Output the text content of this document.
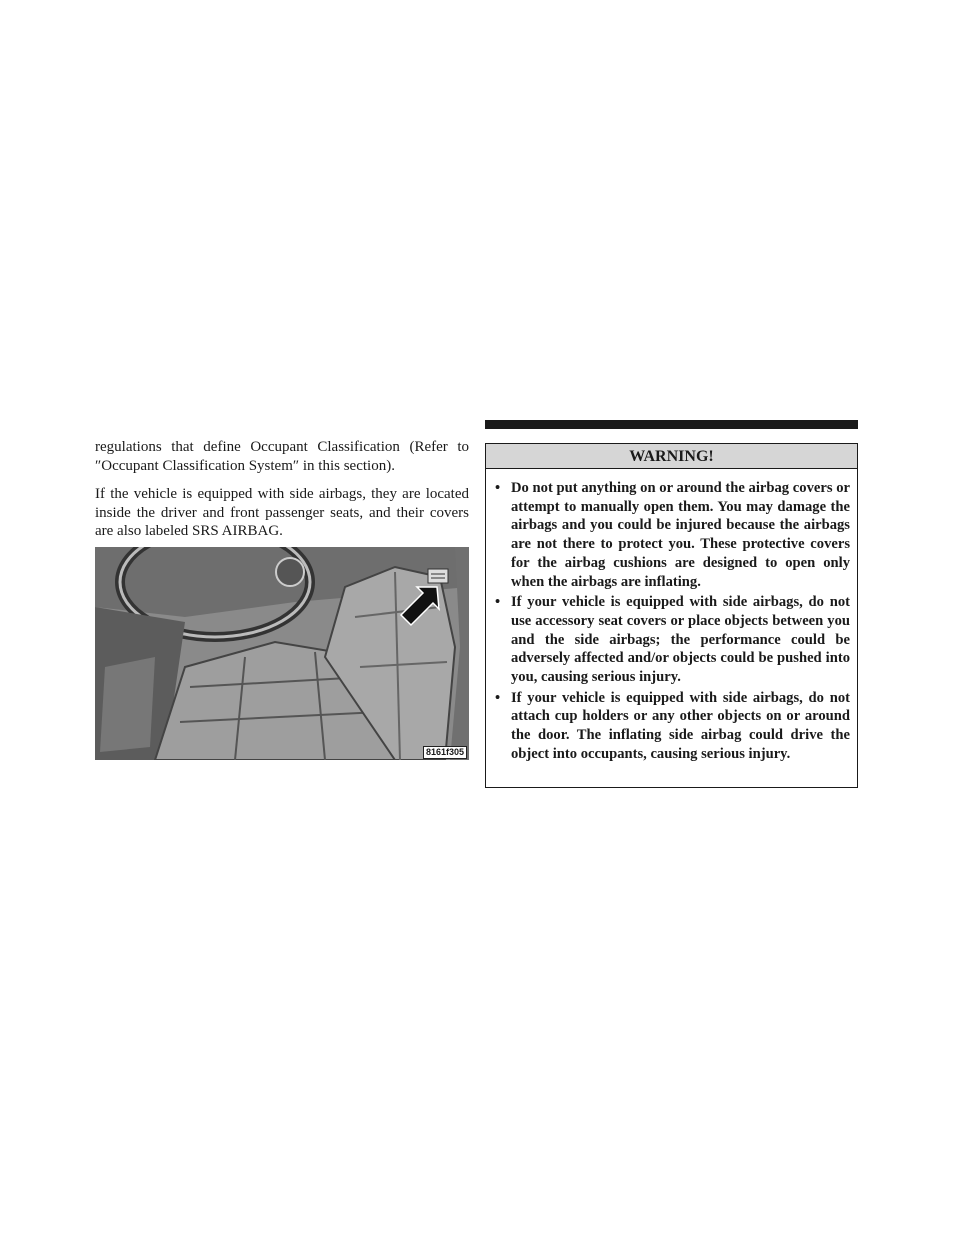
regulations that define Occupant Classification (Refer to ″Occupant Classification System″ in this section).

If the vehicle is equipped with side airbags, they are located inside the driver and front passenger seats, and their covers are also labeled SRS AIRBAG.

8161f305
WARNING!
• Do not put anything on or around the airbag covers or attempt to manually open them. You may damage the airbags and you could be injured because the airbags are not there to protect you. These protective covers for the airbag cushions are designed to open only when the airbags are inflating.
• If your vehicle is equipped with side airbags, do not use accessory seat covers or place objects between you and the side airbags; the performance could be adversely affected and/or objects could be pushed into you, causing serious injury.
• If your vehicle is equipped with side airbags, do not attach cup holders or any other objects on or around the door. The inflating side airbag could drive the object into occupants, causing serious injury.
